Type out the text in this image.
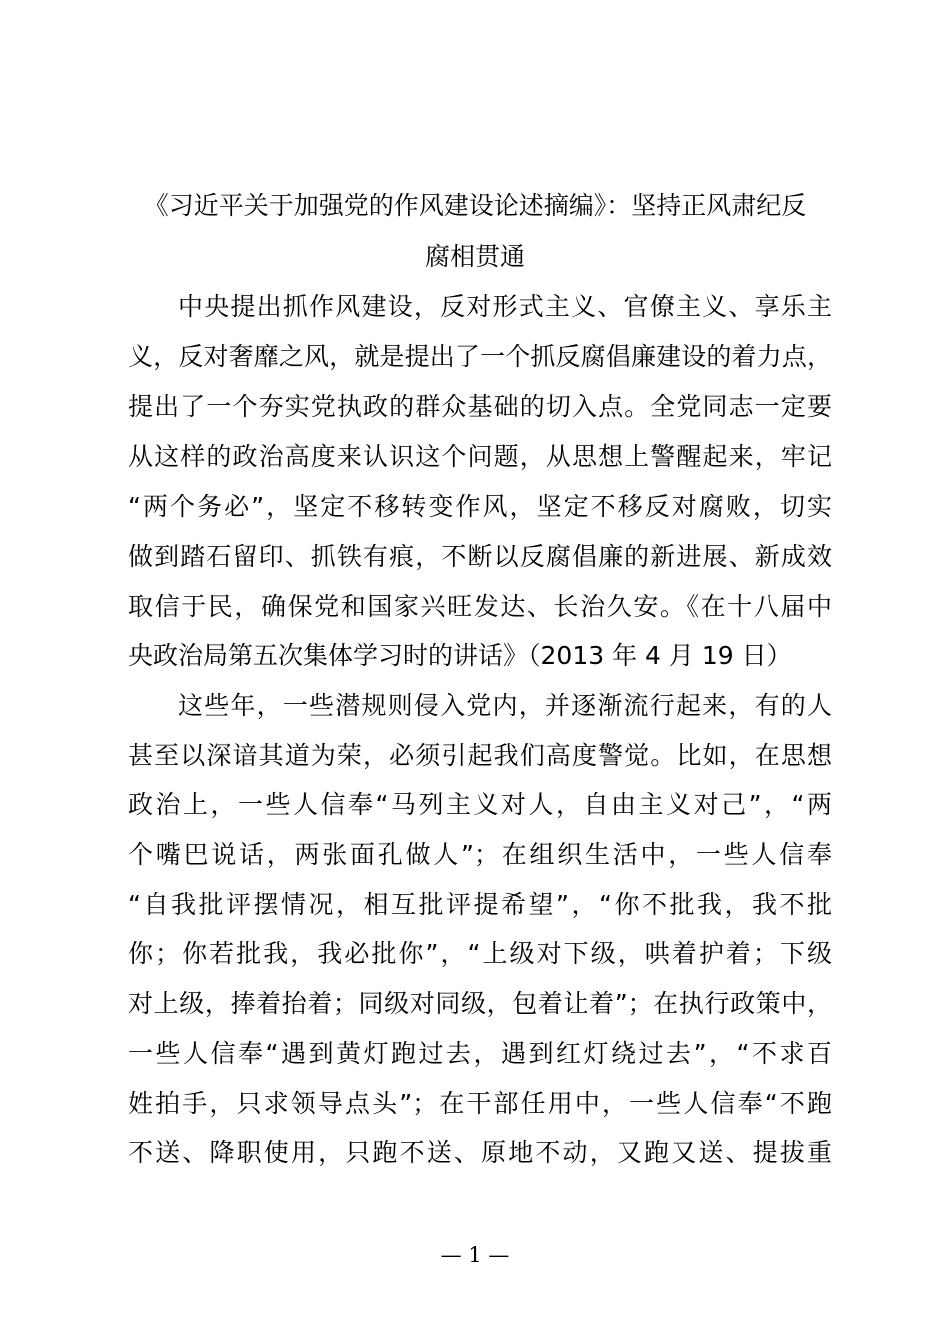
《习近平关于加强党的作风建设论述摘编》：坚持正风肃纪反
腐相贯通
中央提出抓作风建设，反对形式主义、官僚主义、享乐主
义，反对奢靡之风，就是提出了一个抓反腐倡廉建设的着力点，
提出了一个夯实党执政的群众基础的切入点。全党同志一定要
从这样的政治高度来认识这个问题，从思想上警醒起来，牢记
“两个务必”，坚定不移转变作风，坚定不移反对腐败，切实
做到踏石留印、抓铁有痕，不断以反腐倡廉的新进展、新成效
取信于民，确保党和国家兴旺发达、长治久安。《在十八届中
央政治局第五次集体学习时的讲话》（2013 年 4 月 19 日）
这些年，一些潜规则侵入党内，并逐渐流行起来，有的人
甚至以深谙其道为荣，必须引起我们高度警觉。比如，在思想
政治上，一些人信奉“马列主义对人，自由主义对己”，“两
个嘴巴说话，两张面孔做人”；在组织生活中，一些人信奉
“自我批评摆情况，相互批评提希望”，“你不批我，我不批
你；你若批我，我必批你”，“上级对下级，哄着护着；下级
对上级，捧着抬着；同级对同级，包着让着”；在执行政策中，
一些人信奉“遇到黄灯跑过去，遇到红灯绕过去”，“不求百
姓拍手，只求领导点头”；在干部任用中，一些人信奉“不跑
不送、降职使用，只跑不送、原地不动，又跑又送、提拔重
— 1 —
